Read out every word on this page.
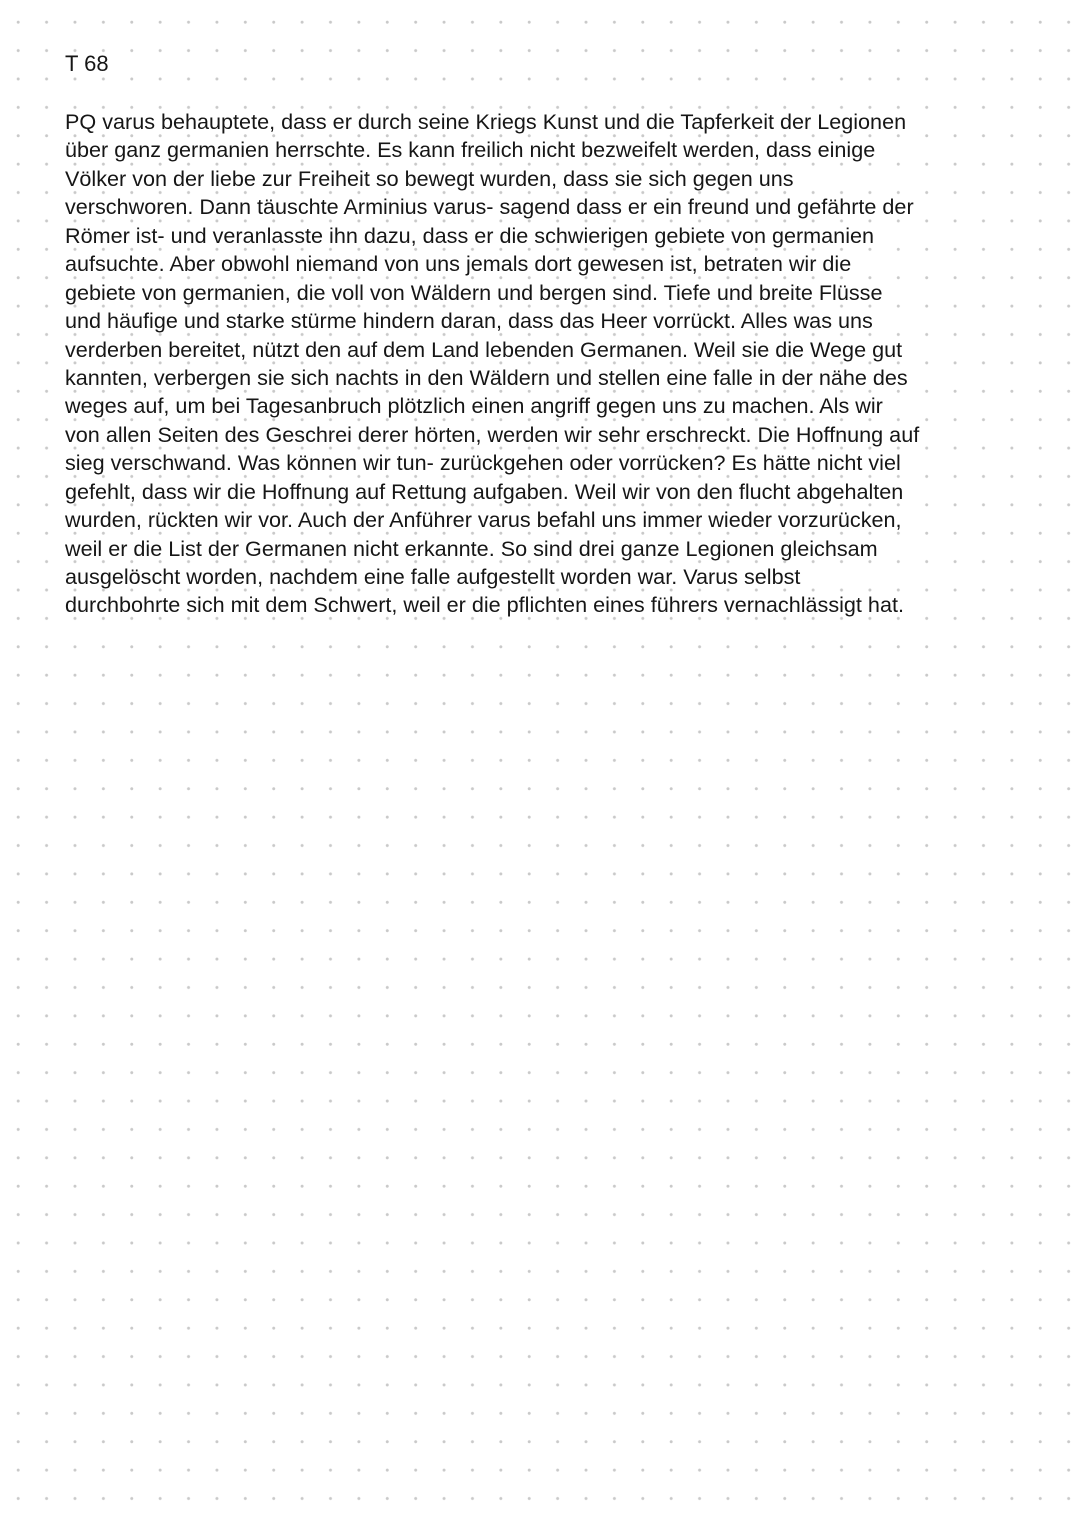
T 68

PQ varus behauptete, dass er durch seine Kriegs Kunst und die Tapferkeit der Legionen
über ganz germanien herrschte. Es kann freilich nicht bezweifelt werden, dass einige
Völker von der liebe zur Freiheit so bewegt wurden, dass sie sich gegen uns
verschworen. Dann täuschte Arminius varus- sagend dass er ein freund und gefährte der
Römer ist- und veranlasste ihn dazu, dass er die schwierigen gebiete von germanien
aufsuchte. Aber obwohl niemand von uns jemals dort gewesen ist, betraten wir die
gebiete von germanien, die voll von Wäldern und bergen sind. Tiefe und breite Flüsse
und häufige und starke stürme hindern daran, dass das Heer vorrückt. Alles was uns
verderben bereitet, nützt den auf dem Land lebenden Germanen. Weil sie die Wege gut
kannten, verbergen sie sich nachts in den Wäldern und stellen eine falle in der nähe des
weges auf, um bei Tagesanbruch plötzlich einen angriff gegen uns zu machen. Als wir
von allen Seiten des Geschrei derer hörten, werden wir sehr erschreckt. Die Hoffnung auf
sieg verschwand. Was können wir tun- zurückgehen oder vorrücken? Es hätte nicht viel
gefehlt, dass wir die Hoffnung auf Rettung aufgaben. Weil wir von den flucht abgehalten
wurden, rückten wir vor. Auch der Anführer varus befahl uns immer wieder vorzurücken,
weil er die List der Germanen nicht erkannte. So sind drei ganze Legionen gleichsam
ausgelöscht worden, nachdem eine falle aufgestellt worden war. Varus selbst
durchbohrte sich mit dem Schwert, weil er die pflichten eines führers vernachlässigt hat.
